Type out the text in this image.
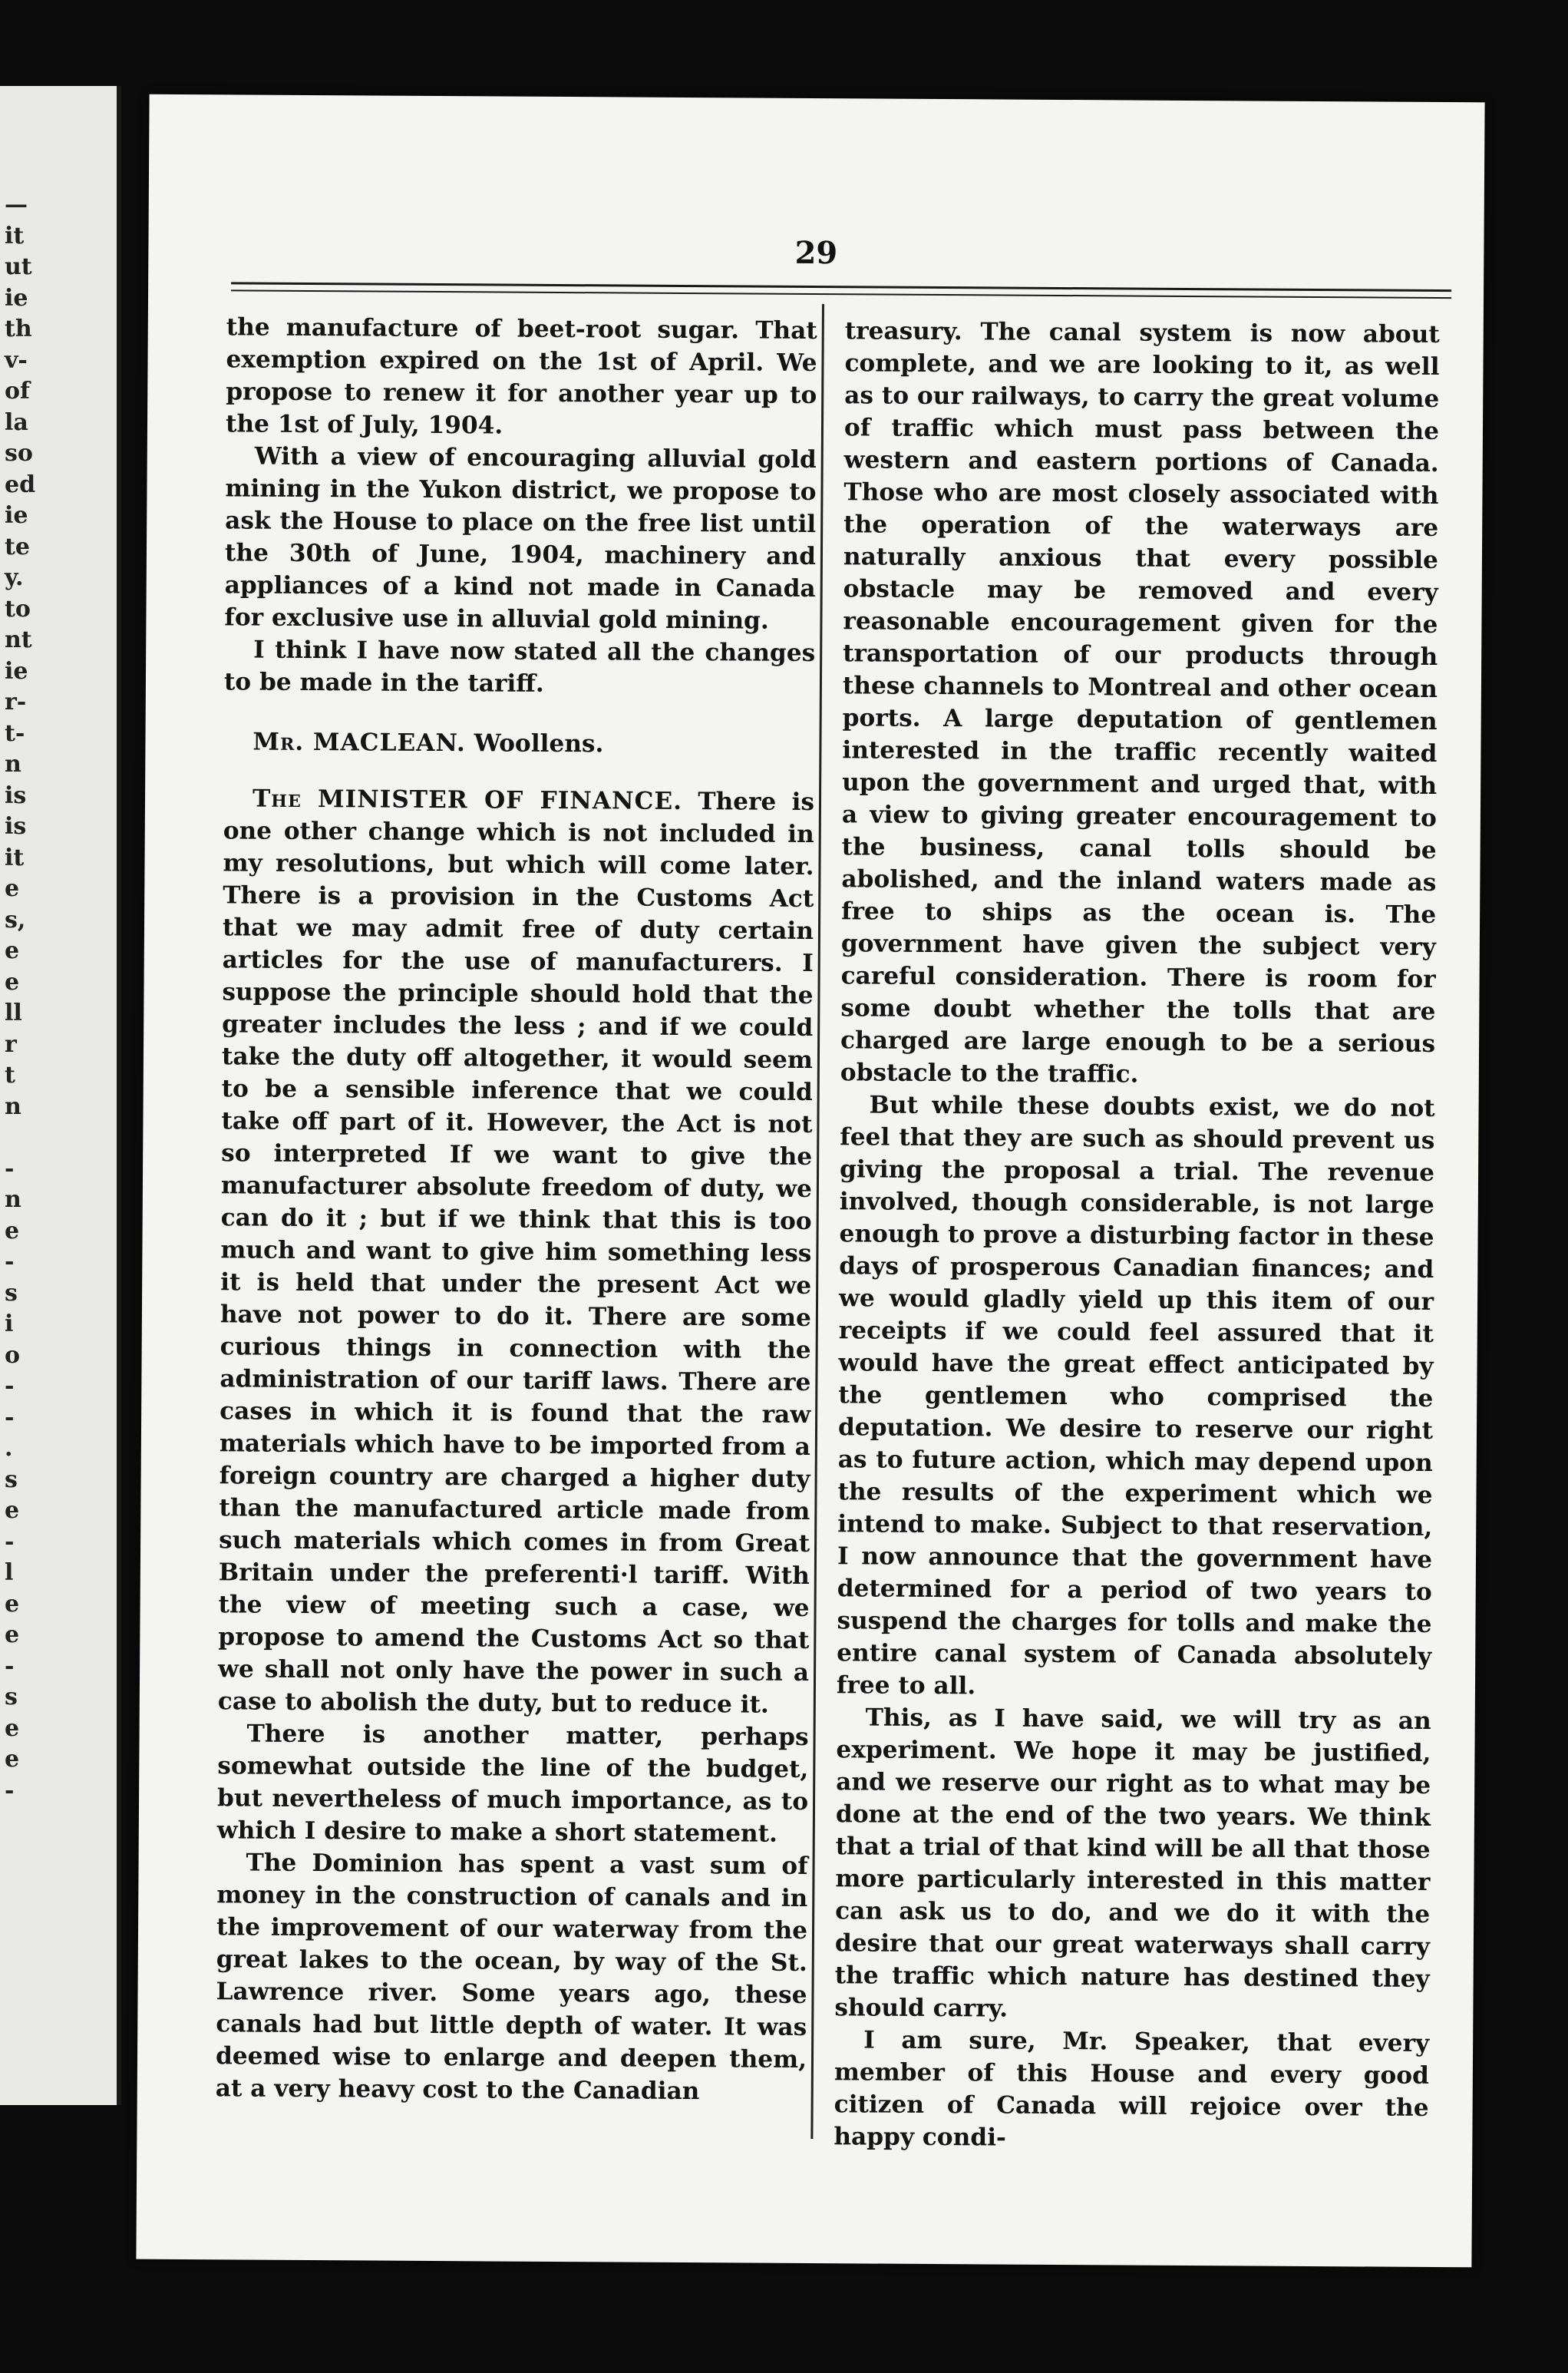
—
it
ut
ie
th
v-
of
la
so
ed
ie
te
y.
to
nt
ie
r-
t-
n
is
is
it
e
s,
e
e
ll
r
t
n
-
n
e
-
s
i
o
-
-
.
s
e
-
l
e
e
-
s
e
e
-
29

the manufacture of beet-root sugar. That exemption expired on the 1st of April. We propose to renew it for another year up to the 1st of July, 1904.

With a view of encouraging alluvial gold mining in the Yukon district, we propose to ask the House to place on the free list until the 30th of June, 1904, machinery and appliances of a kind not made in Canada for exclusive use in alluvial gold mining.

I think I have now stated all the changes to be made in the tariff.

Mr. MACLEAN. Woollens.

The MINISTER OF FINANCE. There is one other change which is not included in my resolutions, but which will come later. There is a provision in the Customs Act that we may admit free of duty certain articles for the use of manufacturers. I suppose the principle should hold that the greater includes the less ; and if we could take the duty off altogether, it would seem to be a sensible inference that we could take off part of it. However, the Act is not so interpreted If we want to give the manufacturer absolute freedom of duty, we can do it ; but if we think that this is too much and want to give him something less it is held that under the present Act we have not power to do it. There are some curious things in connection with the administration of our tariff laws. There are cases in which it is found that the raw materials which have to be imported from a foreign country are charged a higher duty than the manufactured article made from such materials which comes in from Great Britain under the preferenti·l tariff. With the view of meeting such a case, we propose to amend the Customs Act so that we shall not only have the power in such a case to abolish the duty, but to reduce it.

There is another matter, perhaps somewhat outside the line of the budget, but nevertheless of much importance, as to which I desire to make a short statement.

The Dominion has spent a vast sum of money in the construction of canals and in the improvement of our waterway from the great lakes to the ocean, by way of the St. Lawrence river. Some years ago, these canals had but little depth of water. It was deemed wise to enlarge and deepen them, at a very heavy cost to the Canadian

treasury. The canal system is now about complete, and we are looking to it, as well as to our railways, to carry the great volume of traffic which must pass between the western and eastern portions of Canada. Those who are most closely associated with the operation of the waterways are naturally anxious that every possible obstacle may be removed and every reasonable encouragement given for the transportation of our products through these channels to Montreal and other ocean ports. A large deputation of gentlemen interested in the traffic recently waited upon the government and urged that, with a view to giving greater encouragement to the business, canal tolls should be abolished, and the inland waters made as free to ships as the ocean is. The government have given the subject very careful consideration. There is room for some doubt whether the tolls that are charged are large enough to be a serious obstacle to the traffic.

But while these doubts exist, we do not feel that they are such as should prevent us giving the proposal a trial. The revenue involved, though considerable, is not large enough to prove a disturbing factor in these days of prosperous Canadian finances; and we would gladly yield up this item of our receipts if we could feel assured that it would have the great effect anticipated by the gentlemen who comprised the deputation. We desire to reserve our right as to future action, which may depend upon the results of the experiment which we intend to make. Subject to that reservation, I now announce that the government have determined for a period of two years to suspend the charges for tolls and make the entire canal system of Canada absolutely free to all.

This, as I have said, we will try as an experiment. We hope it may be justified, and we reserve our right as to what may be done at the end of the two years. We think that a trial of that kind will be all that those more particularly interested in this matter can ask us to do, and we do it with the desire that our great waterways shall carry the traffic which nature has destined they should carry.

I am sure, Mr. Speaker, that every member of this House and every good citizen of Canada will rejoice over the happy condi-
